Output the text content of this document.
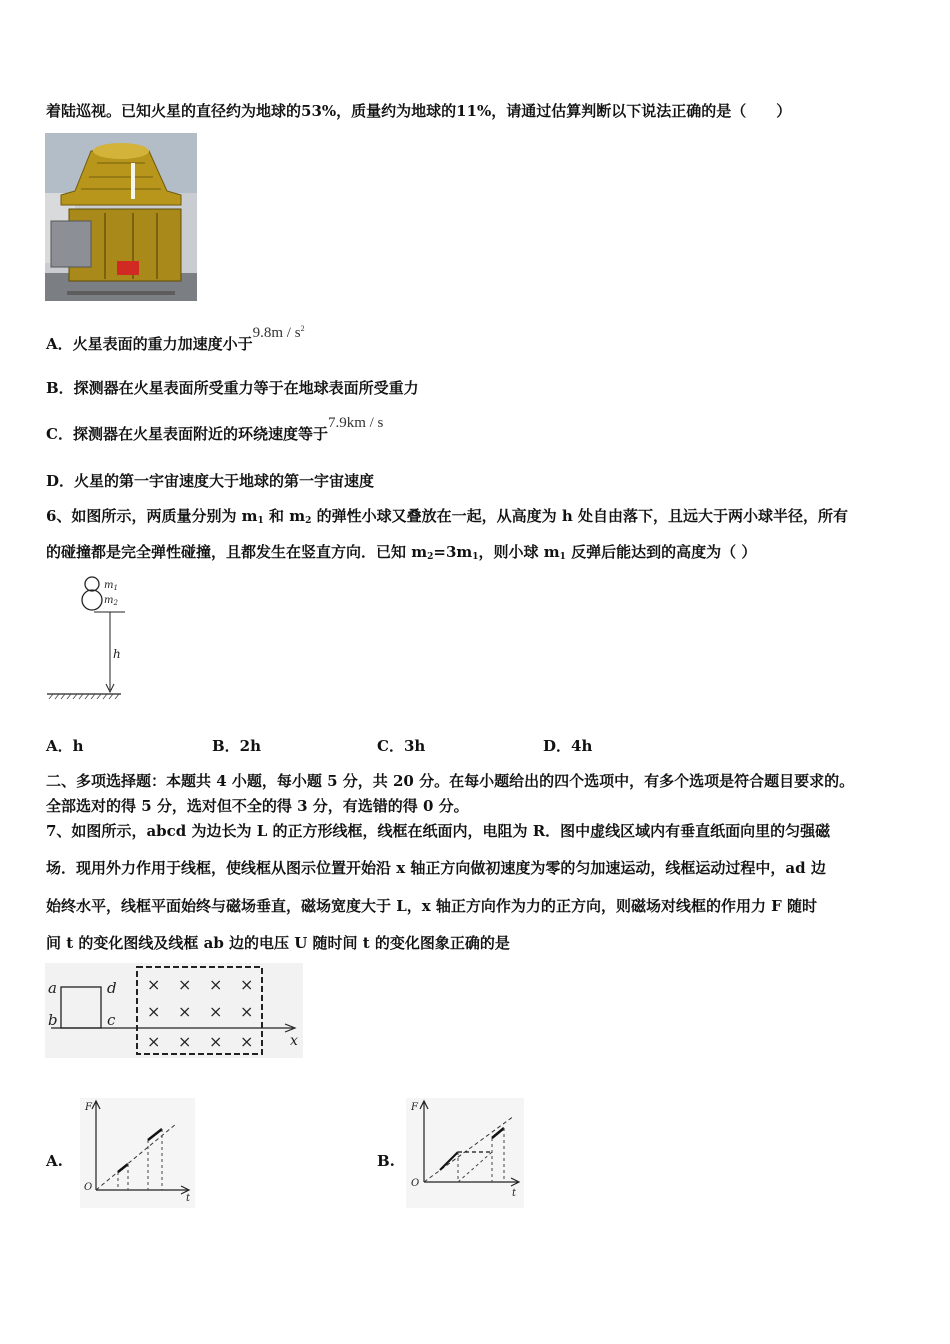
着陆巡视。已知火星的直径约为地球的53%，质量约为地球的11%，请通过估算判断以下说法正确的是（　　）
A．火星表面的重力加速度小于$9.8m / s^2$
B．探测器在火星表面所受重力等于在地球表面所受重力
C．探测器在火星表面附近的环绕速度等于7.9km / s
D．火星的第一宇宙速度大于地球的第一宇宙速度
6、如图所示，两质量分别为 $m_1$ 和 $m_2$ 的弹性小球又叠放在一起，从高度为 h 处自由落下，且远大于两小球半径，所有
的碰撞都是完全弹性碰撞，且都发生在竖直方向．已知 $m_2=3m_1$，则小球 $m_1$ 反弹后能达到的高度为（ ）
$m_1$
$m_2$
h
A．h	B．2h	C．3h	D．4h
二、多项选择题：本题共 4 小题，每小题 5 分，共 20 分。在每小题给出的四个选项中，有多个选项是符合题目要求的。
全部选对的得 5 分，选对但不全的得 3 分，有选错的得 0 分。
7、如图所示，abcd 为边长为 L 的正方形线框，线框在纸面内，电阻为 R．图中虚线区域内有垂直纸面向里的匀强磁
场．现用外力作用于线框，使线框从图示位置开始沿 x 轴正方向做初速度为零的匀加速运动，线框运动过程中，ad 边
始终水平，线框平面始终与磁场垂直，磁场宽度大于 L，x 轴正方向作为力的正方向，则磁场对线框的作用力 F 随时
间 t 的变化图线及线框 ab 边的电压 U 随时间 t 的变化图象正确的是
a
b	c
d
x
× × × ×
× × × ×
× × × ×
A.
F
O
t
B.
F
O
t
